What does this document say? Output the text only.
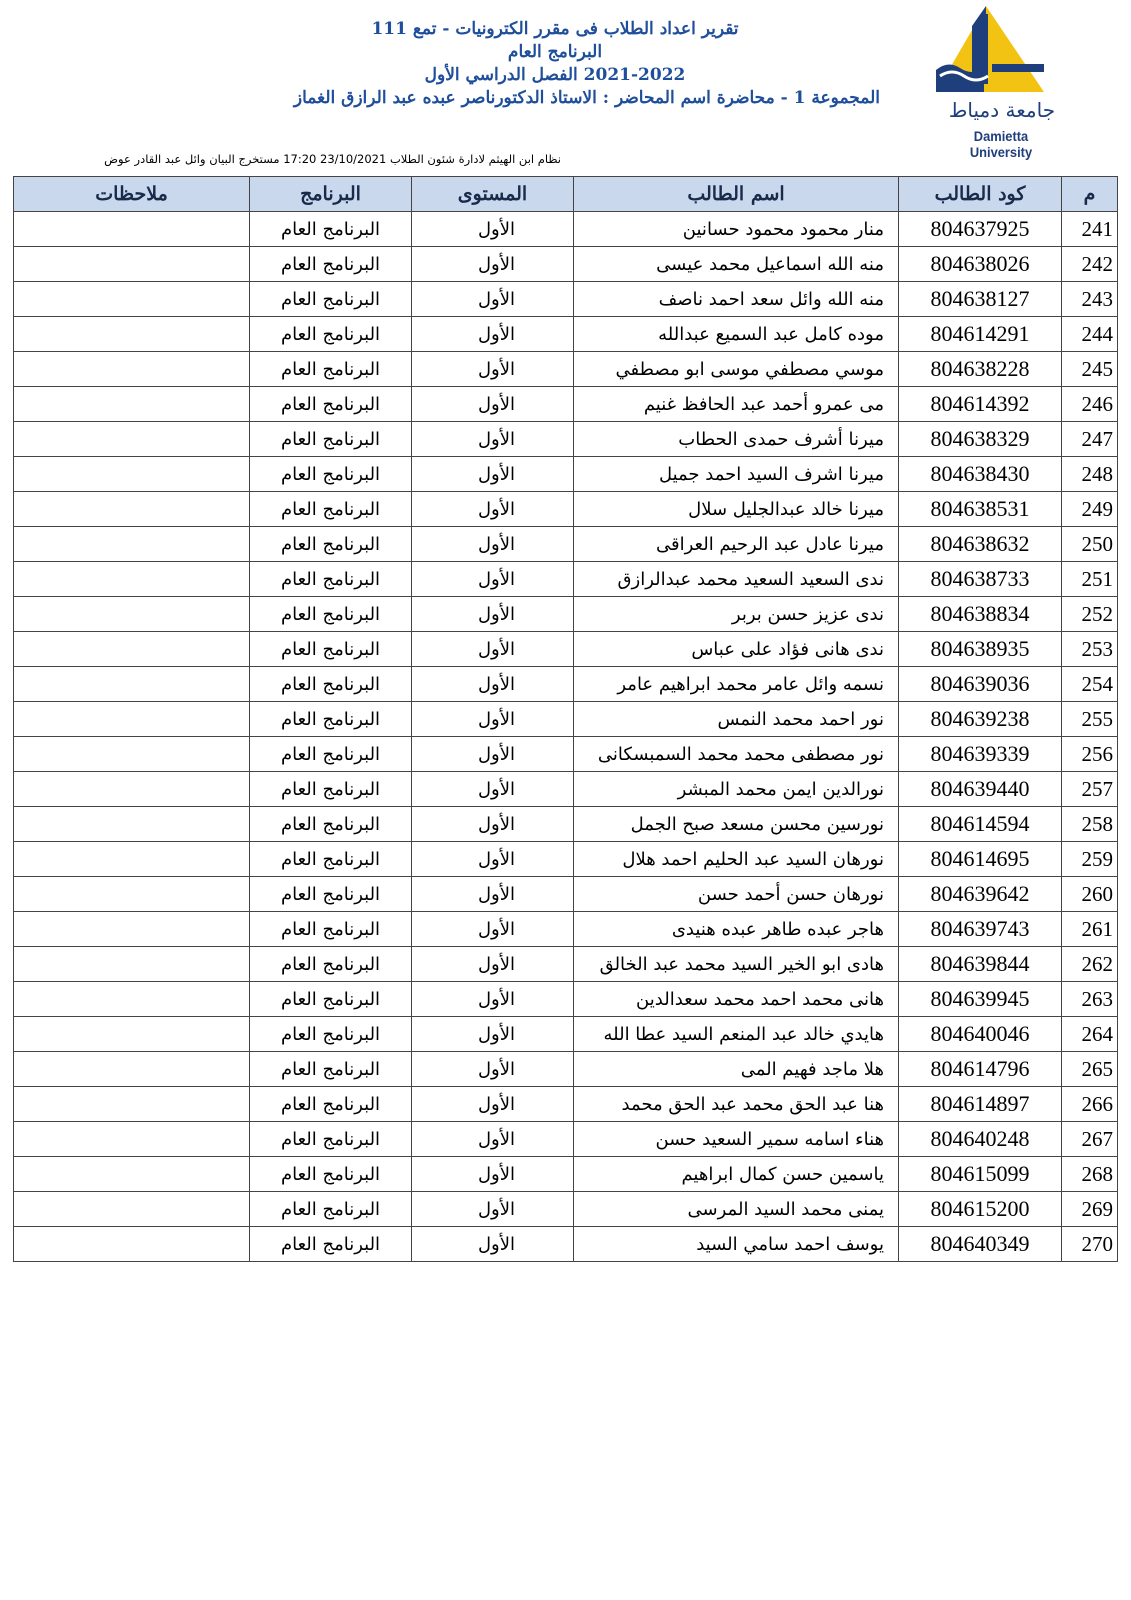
تقرير اعداد الطلاب فى مقرر الكترونيات - تمع 111
البرنامج العام
2021-2022 الفصل الدراسي الأول
المجموعة 1 - محاضرة اسم المحاضر : الاستاذ الدكتورناصر عبده عبد الرازق الغماز	جامعة دمياط
Damietta University
نظام ابن الهيثم لادارة شئون الطلاب 23/10/2021 17:20 مستخرج البيان وائل عبد القادر عوض
م	كود الطالب	اسم الطالب	المستوى	البرنامج	ملاحظات
241	804637925	منار محمود محمود حسانين	الأول	البرنامج العام	
242	804638026	منه الله اسماعيل محمد عيسى	الأول	البرنامج العام	
243	804638127	منه الله وائل سعد احمد ناصف	الأول	البرنامج العام	
244	804614291	موده كامل عبد السميع عبدالله	الأول	البرنامج العام	
245	804638228	موسي مصطفي موسى ابو مصطفي	الأول	البرنامج العام	
246	804614392	مى عمرو أحمد عبد الحافظ غنيم	الأول	البرنامج العام	
247	804638329	ميرنا أشرف حمدى الحطاب	الأول	البرنامج العام	
248	804638430	ميرنا اشرف السيد احمد جميل	الأول	البرنامج العام	
249	804638531	ميرنا خالد عبدالجليل سلال	الأول	البرنامج العام	
250	804638632	ميرنا عادل عبد الرحيم العراقى	الأول	البرنامج العام	
251	804638733	ندى السعيد السعيد محمد عبدالرازق	الأول	البرنامج العام	
252	804638834	ندى عزيز حسن بربر	الأول	البرنامج العام	
253	804638935	ندى هانى فؤاد على عباس	الأول	البرنامج العام	
254	804639036	نسمه وائل عامر محمد ابراهيم عامر	الأول	البرنامج العام	
255	804639238	نور احمد محمد النمس	الأول	البرنامج العام	
256	804639339	نور مصطفى محمد محمد السمبسكانى	الأول	البرنامج العام	
257	804639440	نورالدين ايمن محمد المبشر	الأول	البرنامج العام	
258	804614594	نورسين محسن مسعد صبح الجمل	الأول	البرنامج العام	
259	804614695	نورهان السيد عبد الحليم احمد هلال	الأول	البرنامج العام	
260	804639642	نورهان حسن أحمد حسن	الأول	البرنامج العام	
261	804639743	هاجر عبده طاهر عبده هنيدى	الأول	البرنامج العام	
262	804639844	هادى ابو الخير السيد محمد عبد الخالق	الأول	البرنامج العام	
263	804639945	هانى محمد احمد محمد سعدالدين	الأول	البرنامج العام	
264	804640046	هايدي خالد عبد المنعم السيد عطا الله	الأول	البرنامج العام	
265	804614796	هلا ماجد فهيم المى	الأول	البرنامج العام	
266	804614897	هنا عبد الحق محمد عبد الحق محمد	الأول	البرنامج العام	
267	804640248	هناء اسامه سمير السعيد حسن	الأول	البرنامج العام	
268	804615099	ياسمين حسن كمال ابراهيم	الأول	البرنامج العام	
269	804615200	يمنى محمد السيد المرسى	الأول	البرنامج العام	
270	804640349	يوسف احمد سامي السيد	الأول	البرنامج العام	
